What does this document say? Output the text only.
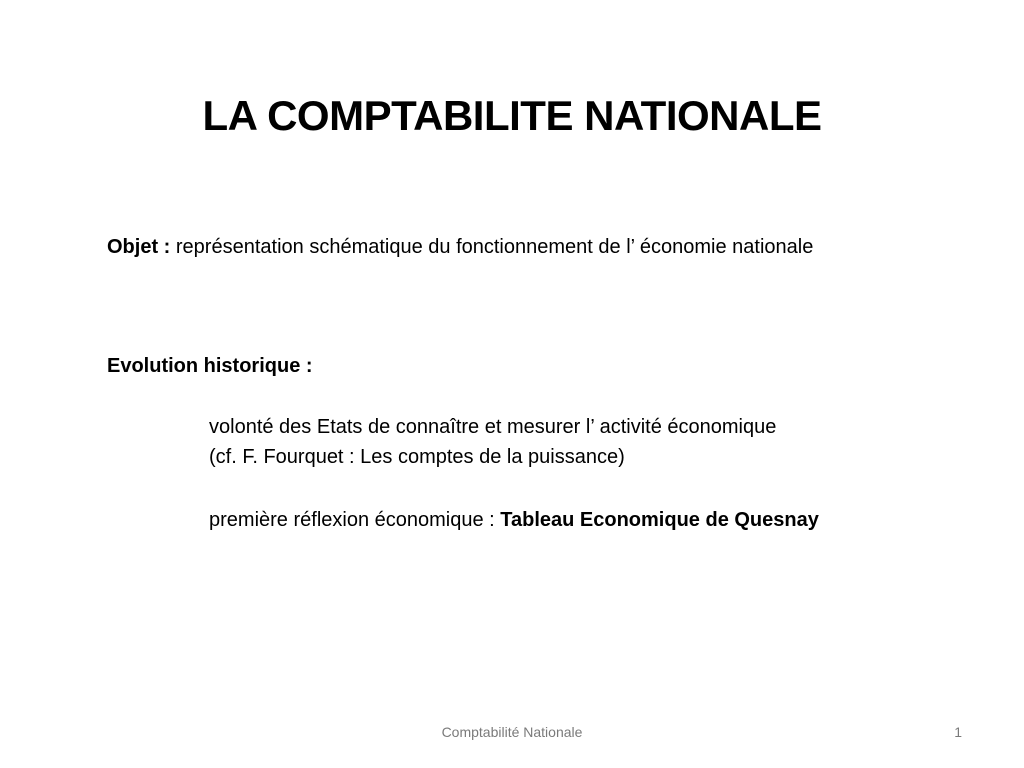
LA COMPTABILITE NATIONALE
Objet : représentation schématique du fonctionnement de l’ économie nationale
Evolution historique :
volonté des Etats de connaître et mesurer l’ activité économique
(cf. F. Fourquet : Les comptes de la puissance)
première réflexion économique : Tableau Economique de Quesnay
Comptabilité Nationale	1
